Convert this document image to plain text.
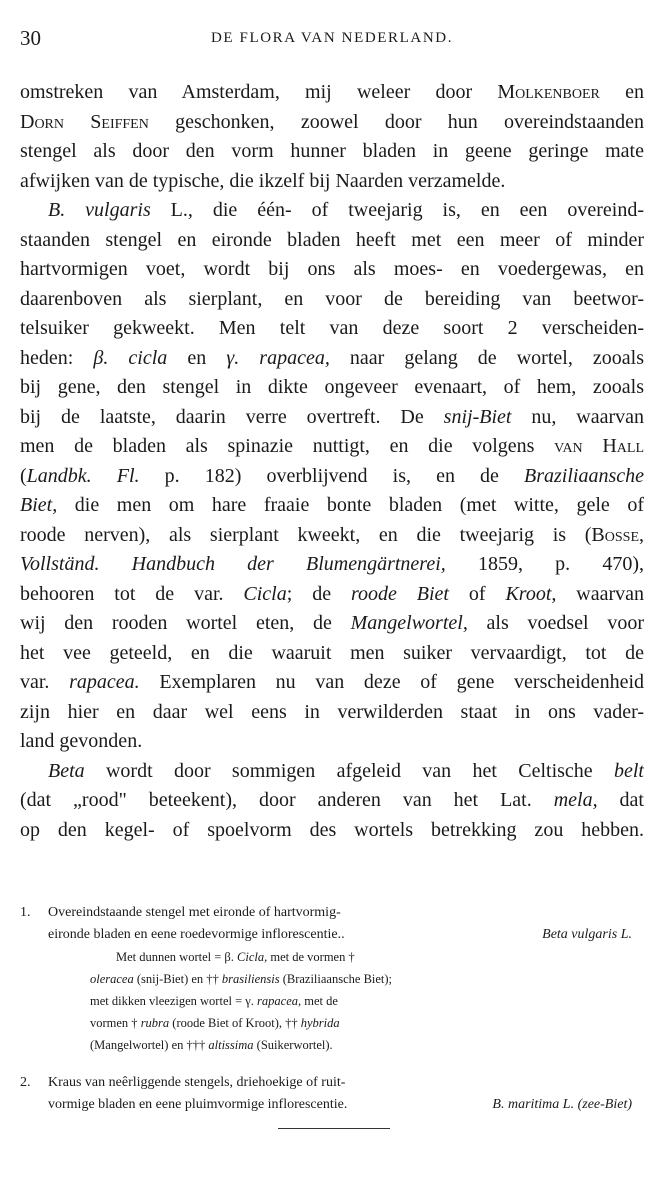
30	DE FLORA VAN NEDERLAND.
omstreken van Amsterdam, mij weleer door Molkenboer en
Dorn Seiffen geschonken, zoowel door hun overeindstaanden
stengel als door den vorm hunner bladen in geene geringe mate
afwijken van de typische, die ikzelf bij Naarden verzamelde.
B. vulgaris L., die één- of tweejarig is, en een overeind-
staanden stengel en eironde bladen heeft met een meer of minder
hartvormigen voet, wordt bij ons als moes- en voedergewas, en
daarenboven als sierplant, en voor de bereiding van beetwor-
telsuiker gekweekt. Men telt van deze soort 2 verscheiden-
heden: β. cicla en γ. rapacea, naar gelang de wortel, zooals
bij gene, den stengel in dikte ongeveer evenaart, of hem, zooals
bij de laatste, daarin verre overtreft. De snij-Biet nu, waarvan
men de bladen als spinazie nuttigt, en die volgens van Hall
(Landbk. Fl. p. 182) overblijvend is, en de Braziliaansche
Biet, die men om hare fraaie bonte bladen (met witte, gele of
roode nerven), als sierplant kweekt, en die tweejarig is (Bosse,
Vollständ. Handbuch der Blumengärtnerei, 1859, p. 470),
behooren tot de var. Cicla; de roode Biet of Kroot, waarvan
wij den rooden wortel eten, de Mangelwortel, als voedsel voor
het vee geteeld, en die waaruit men suiker vervaardigt, tot de
var. rapacea. Exemplaren nu van deze of gene verscheidenheid
zijn hier en daar wel eens in verwilderden staat in ons vader-
land gevonden.
Beta wordt door sommigen afgeleid van het Celtische belt
(dat „rood" beteekent), door anderen van het Lat. mela, dat
op den kegel- of spoelvorm des wortels betrekking zou hebben.
1. Overeindstaande stengel met eironde of hartvormig-
eironde bladen en eene roedevormige inflorescentie..	Beta vulgaris L.
Met dunnen wortel = β. Cicla, met de vormen †
oleracea (snij-Biet) en †† brasiliensis (Braziliaansche Biet);
met dikken vleezigen wortel = γ. rapacea, met de
vormen † rubra (roode Biet of Kroot), †† hybrida
(Mangelwortel) en ††† altissima (Suikerwortel).
2. Kraus van neêrliggende stengels, driehoekige of ruit-
vormige bladen en eene pluimvormige inflorescentie.	B. maritima L. (zee-Biet)
